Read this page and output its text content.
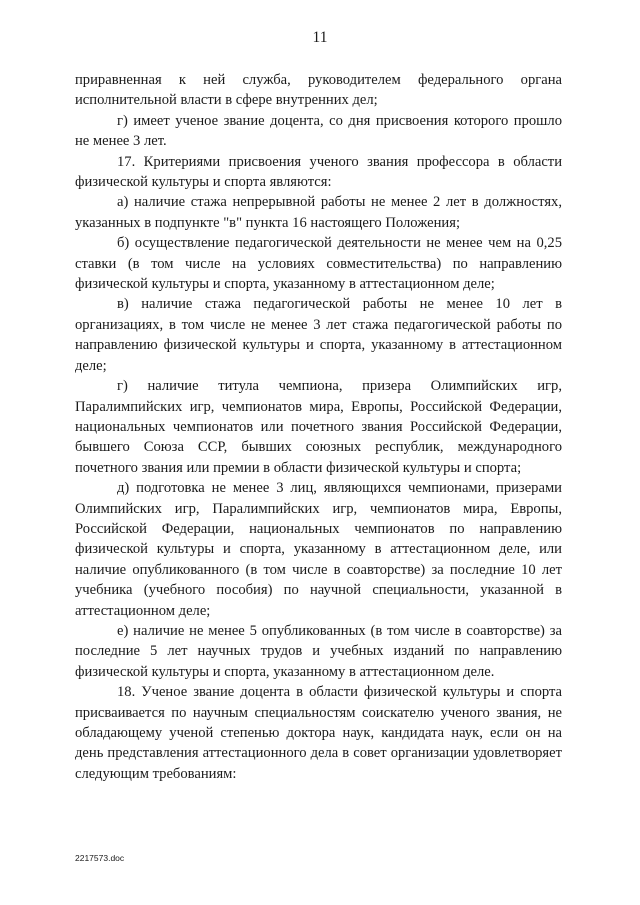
11

приравненная к ней служба, руководителем федерального органа исполнительной власти в сфере внутренних дел;

г) имеет ученое звание доцента, со дня присвоения которого прошло не менее 3 лет.

17. Критериями присвоения ученого звания профессора в области физической культуры и спорта являются:

а) наличие стажа непрерывной работы не менее 2 лет в должностях, указанных в подпункте "в" пункта 16 настоящего Положения;

б) осуществление педагогической деятельности не менее чем на 0,25 ставки (в том числе на условиях совместительства) по направлению физической культуры и спорта, указанному в аттестационном деле;

в) наличие стажа педагогической работы не менее 10 лет в организациях, в том числе не менее 3 лет стажа педагогической работы по направлению физической культуры и спорта, указанному в аттестационном деле;

г) наличие титула чемпиона, призера Олимпийских игр, Паралимпийских игр, чемпионатов мира, Европы, Российской Федерации, национальных чемпионатов или почетного звания Российской Федерации, бывшего Союза ССР, бывших союзных республик, международного почетного звания или премии в области физической культуры и спорта;

д) подготовка не менее 3 лиц, являющихся чемпионами, призерами Олимпийских игр, Паралимпийских игр, чемпионатов мира, Европы, Российской Федерации, национальных чемпионатов по направлению физической культуры и спорта, указанному в аттестационном деле, или наличие опубликованного (в том числе в соавторстве) за последние 10 лет учебника (учебного пособия) по научной специальности, указанной в аттестационном деле;

е) наличие не менее 5 опубликованных (в том числе в соавторстве) за последние 5 лет научных трудов и учебных изданий по направлению физической культуры и спорта, указанному в аттестационном деле.

18. Ученое звание доцента в области физической культуры и спорта присваивается по научным специальностям соискателю ученого звания, не обладающему ученой степенью доктора наук, кандидата наук, если он на день представления аттестационного дела в совет организации удовлетворяет следующим требованиям:

2217573.doc
